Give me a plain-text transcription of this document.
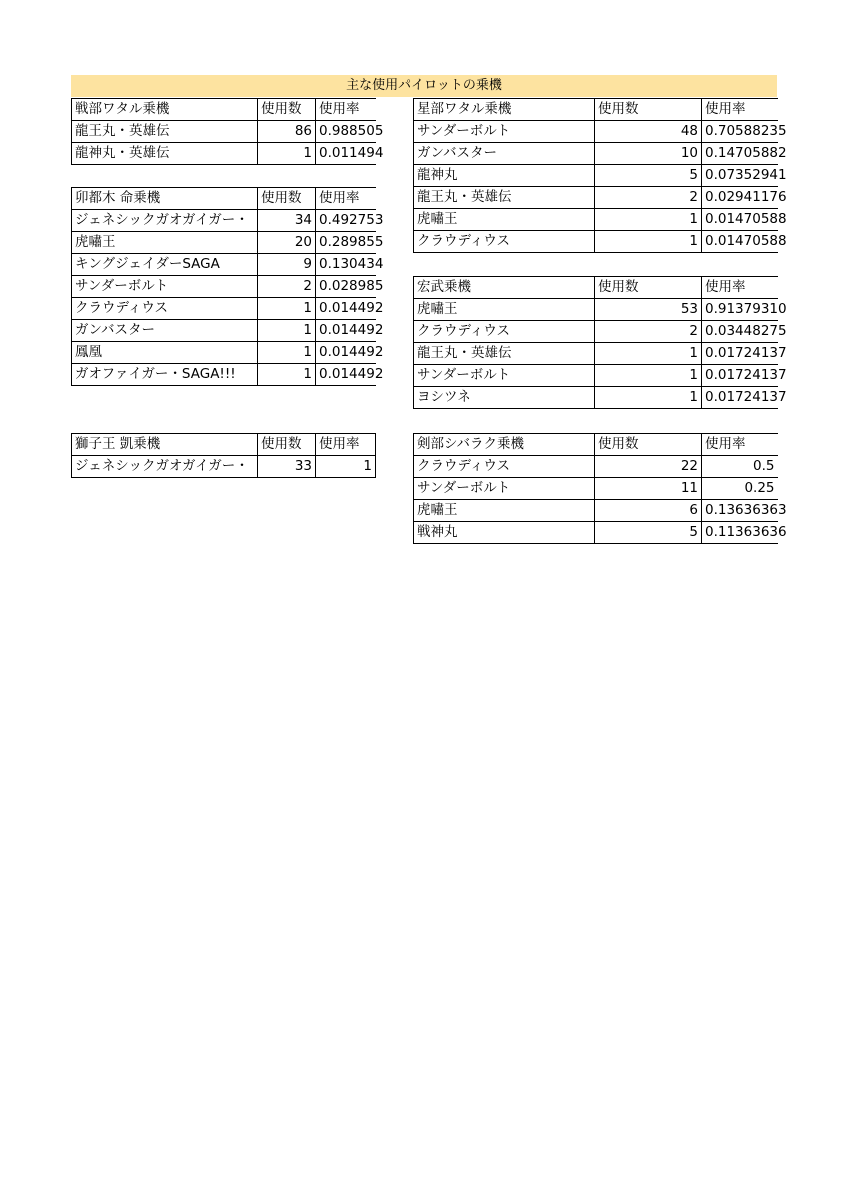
主な使用パイロットの乗機
戦部ワタル乗機	使用数	使用率
龍王丸・英雄伝	86	0.988505
龍神丸・英雄伝	1	0.011494
卯都木 命乗機	使用数	使用率
ジェネシックガオガイガー・	34	0.492753
虎嘯王	20	0.289855
キングジェイダーSAGA	9	0.130434
サンダーボルト	2	0.028985
クラウディウス	1	0.014492
ガンバスター	1	0.014492
鳳凰	1	0.014492
ガオファイガー・SAGA!!!	1	0.014492
獅子王 凱乗機	使用数	使用率
ジェネシックガオガイガー・	33	1
星部ワタル乗機	使用数	使用率
サンダーボルト	48	0.70588235
ガンバスター	10	0.14705882
龍神丸	5	0.07352941
龍王丸・英雄伝	2	0.02941176
虎嘯王	1	0.01470588
クラウディウス	1	0.01470588
宏武乗機	使用数	使用率
虎嘯王	53	0.91379310
クラウディウス	2	0.03448275
龍王丸・英雄伝	1	0.01724137
サンダーボルト	1	0.01724137
ヨシツネ	1	0.01724137
剣部シバラク乗機	使用数	使用率
クラウディウス	22	0.5
サンダーボルト	11	0.25
虎嘯王	6	0.13636363
戦神丸	5	0.11363636
